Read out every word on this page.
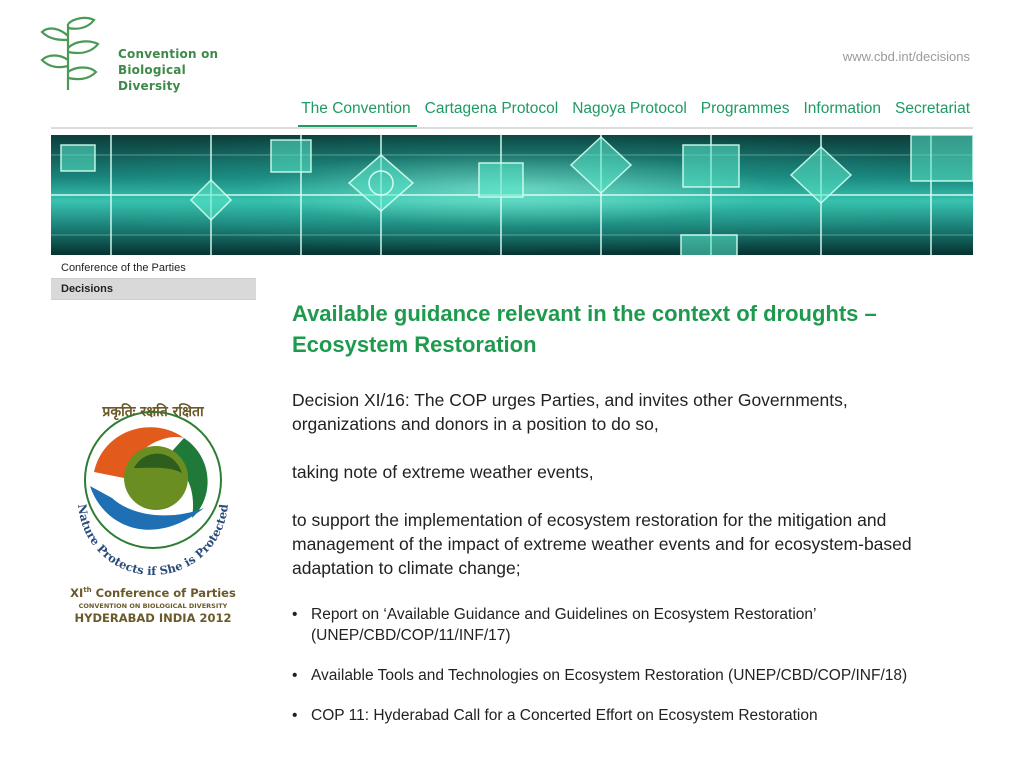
Convention on
Biological Diversity
www.cbd.int/decisions
The Convention Cartagena Protocol Nagoya Protocol Programmes Information Secretariat
Conference of the Parties
Decisions
प्रकृतिः रक्षति रक्षिता
Nature Protects if She is Protected
XIth Conference of Parties
CONVENTION ON BIOLOGICAL DIVERSITY
HYDERABAD INDIA 2012
Available guidance relevant in the context of droughts – Ecosystem Restoration

Decision XI/16: The COP urges Parties, and invites other Governments, organizations and donors in a position to do so,

taking note of extreme weather events,

to support the implementation of ecosystem restoration for the mitigation and management of the impact of extreme weather events and for ecosystem-based adaptation to climate change;

• Report on ‘Available Guidance and Guidelines on Ecosystem Restoration’ (UNEP/CBD/COP/11/INF/17)
• Available Tools and Technologies on Ecosystem Restoration (UNEP/CBD/COP/INF/18)
• COP 11: Hyderabad Call for a Concerted Effort on Ecosystem Restoration
